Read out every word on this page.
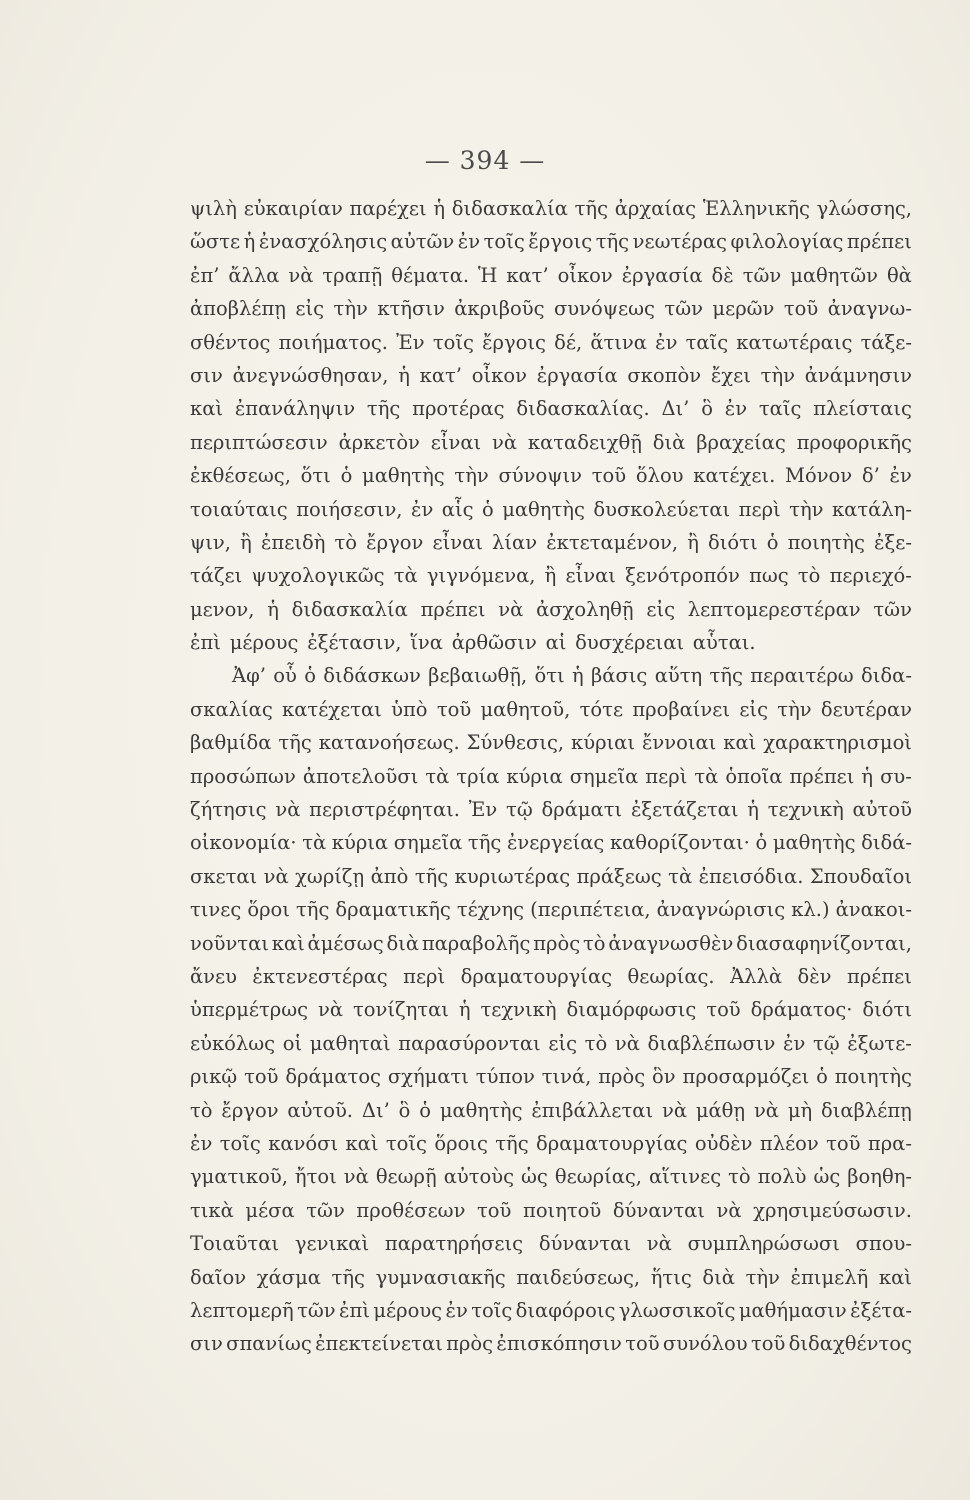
— 394 —
ψιλὴ εὐκαιρίαν παρέχει ἡ διδασκαλία τῆς ἀρχαίας Ἑλληνικῆς γλώσσης,
ὥστε ἡ ἐνασχόλησις αὐτῶν ἐν τοῖς ἔργοις τῆς νεωτέρας φιλολογίας πρέπει
ἐπ’ ἄλλα νὰ τραπῇ θέματα. Ἡ κατ’ οἶκον ἐργασία δὲ τῶν μαθητῶν θὰ
ἀποβλέπῃ εἰς τὴν κτῆσιν ἀκριβοῦς συνόψεως τῶν μερῶν τοῦ ἀναγνω-
σθέντος ποιήματος. Ἐν τοῖς ἔργοις δέ, ἅτινα ἐν ταῖς κατωτέραις τάξε-
σιν ἀνεγνώσθησαν, ἡ κατ’ οἶκον ἐργασία σκοπὸν ἔχει τὴν ἀνάμνησιν
καὶ ἐπανάληψιν τῆς προτέρας διδασκαλίας. Δι’ ὃ ἐν ταῖς πλείσταις
περιπτώσεσιν ἀρκετὸν εἶναι νὰ καταδειχθῇ διὰ βραχείας προφορικῆς
ἐκθέσεως, ὅτι ὁ μαθητὴς τὴν σύνοψιν τοῦ ὅλου κατέχει. Μόνον δ’ ἐν
τοιαύταις ποιήσεσιν, ἐν αἷς ὁ μαθητὴς δυσκολεύεται περὶ τὴν κατάλη-
ψιν, ἢ ἐπειδὴ τὸ ἔργον εἶναι λίαν ἐκτεταμένον, ἢ διότι ὁ ποιητὴς ἐξε-
τάζει ψυχολογικῶς τὰ γιγνόμενα, ἢ εἶναι ξενότροπόν πως τὸ περιεχό-
μενον, ἡ διδασκαλία πρέπει νὰ ἀσχοληθῇ εἰς λεπτομερεστέραν τῶν
ἐπὶ μέρους ἐξέτασιν, ἵνα ἀρθῶσιν αἱ δυσχέρειαι αὗται.
Ἀφ’ οὗ ὁ διδάσκων βεβαιωθῇ, ὅτι ἡ βάσις αὕτη τῆς περαιτέρω διδα-
σκαλίας κατέχεται ὑπὸ τοῦ μαθητοῦ, τότε προβαίνει εἰς τὴν δευτέραν
βαθμίδα τῆς κατανοήσεως. Σύνθεσις, κύριαι ἔννοιαι καὶ χαρακτηρισμοὶ
προσώπων ἀποτελοῦσι τὰ τρία κύρια σημεῖα περὶ τὰ ὁποῖα πρέπει ἡ συ-
ζήτησις νὰ περιστρέφηται. Ἐν τῷ δράματι ἐξετάζεται ἡ τεχνικὴ αὐτοῦ
οἰκονομία· τὰ κύρια σημεῖα τῆς ἐνεργείας καθορίζονται· ὁ μαθητὴς διδά-
σκεται νὰ χωρίζῃ ἀπὸ τῆς κυριωτέρας πράξεως τὰ ἐπεισόδια. Σπουδαῖοι
τινες ὅροι τῆς δραματικῆς τέχνης (περιπέτεια, ἀναγνώρισις κλ.) ἀνακοι-
νοῦνται καὶ ἀμέσως διὰ παραβολῆς πρὸς τὸ ἀναγνωσθὲν διασαφηνίζονται,
ἄνευ ἐκτενεστέρας περὶ δραματουργίας θεωρίας. Ἀλλὰ δὲν πρέπει
ὑπερμέτρως νὰ τονίζηται ἡ τεχνικὴ διαμόρφωσις τοῦ δράματος· διότι
εὐκόλως οἱ μαθηταὶ παρασύρονται εἰς τὸ νὰ διαβλέπωσιν ἐν τῷ ἐξωτε-
ρικῷ τοῦ δράματος σχήματι τύπον τινά, πρὸς ὃν προσαρμόζει ὁ ποιητὴς
τὸ ἔργον αὐτοῦ. Δι’ ὃ ὁ μαθητὴς ἐπιβάλλεται νὰ μάθῃ νὰ μὴ διαβλέπῃ
ἐν τοῖς κανόσι καὶ τοῖς ὅροις τῆς δραματουργίας οὐδὲν πλέον τοῦ πρα-
γματικοῦ, ἤτοι νὰ θεωρῇ αὐτοὺς ὡς θεωρίας, αἵτινες τὸ πολὺ ὡς βοηθη-
τικὰ μέσα τῶν προθέσεων τοῦ ποιητοῦ δύνανται νὰ χρησιμεύσωσιν.
Τοιαῦται γενικαὶ παρατηρήσεις δύνανται νὰ συμπληρώσωσι σπου-
δαῖον χάσμα τῆς γυμνασιακῆς παιδεύσεως, ἥτις διὰ τὴν ἐπιμελῆ καὶ
λεπτομερῆ τῶν ἐπὶ μέρους ἐν τοῖς διαφόροις γλωσσικοῖς μαθήμασιν ἐξέτα-
σιν σπανίως ἐπεκτείνεται πρὸς ἐπισκόπησιν τοῦ συνόλου τοῦ διδαχθέντος
